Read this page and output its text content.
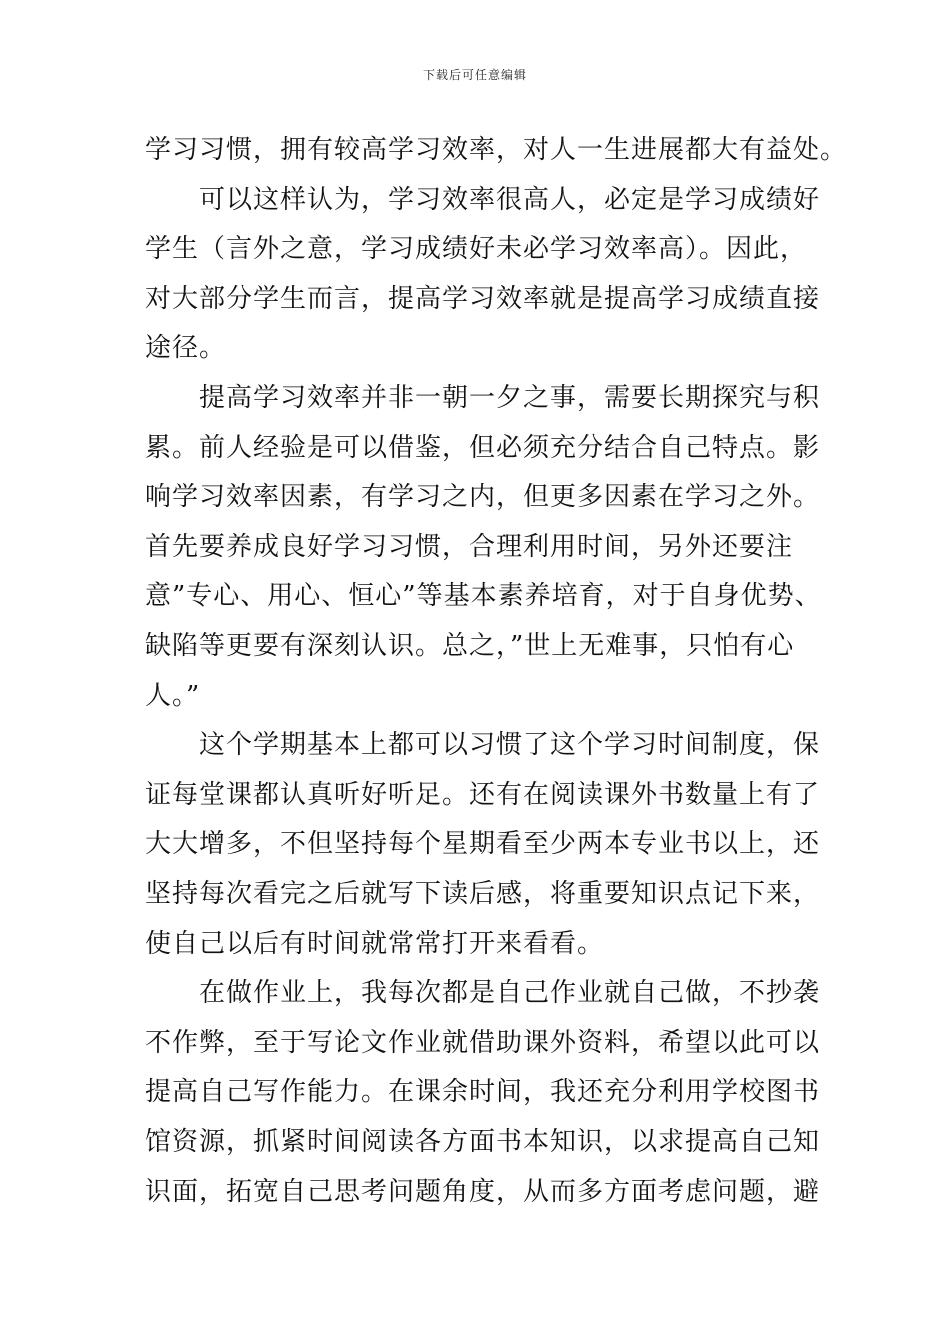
下载后可任意编辑
学习习惯，拥有较高学习效率，对人一生进展都大有益处。
　　可以这样认为，学习效率很高人，必定是学习成绩好
学生（言外之意，学习成绩好未必学习效率高）。因此，
对大部分学生而言，提高学习效率就是提高学习成绩直接
途径。
　　提高学习效率并非一朝一夕之事，需要长期探究与积
累。前人经验是可以借鉴，但必须充分结合自己特点。影
响学习效率因素，有学习之内，但更多因素在学习之外。
首先要养成良好学习习惯，合理利用时间，另外还要注
意”专心、用心、恒心”等基本素养培育，对于自身优势、
缺陷等更要有深刻认识。总之，”世上无难事，只怕有心
人。”
　　这个学期基本上都可以习惯了这个学习时间制度，保
证每堂课都认真听好听足。还有在阅读课外书数量上有了
大大增多，不但坚持每个星期看至少两本专业书以上，还
坚持每次看完之后就写下读后感，将重要知识点记下来，
使自己以后有时间就常常打开来看看。
　　在做作业上，我每次都是自己作业就自己做，不抄袭
不作弊，至于写论文作业就借助课外资料，希望以此可以
提高自己写作能力。在课余时间，我还充分利用学校图书
馆资源，抓紧时间阅读各方面书本知识，以求提高自己知
识面，拓宽自己思考问题角度，从而多方面考虑问题，避
